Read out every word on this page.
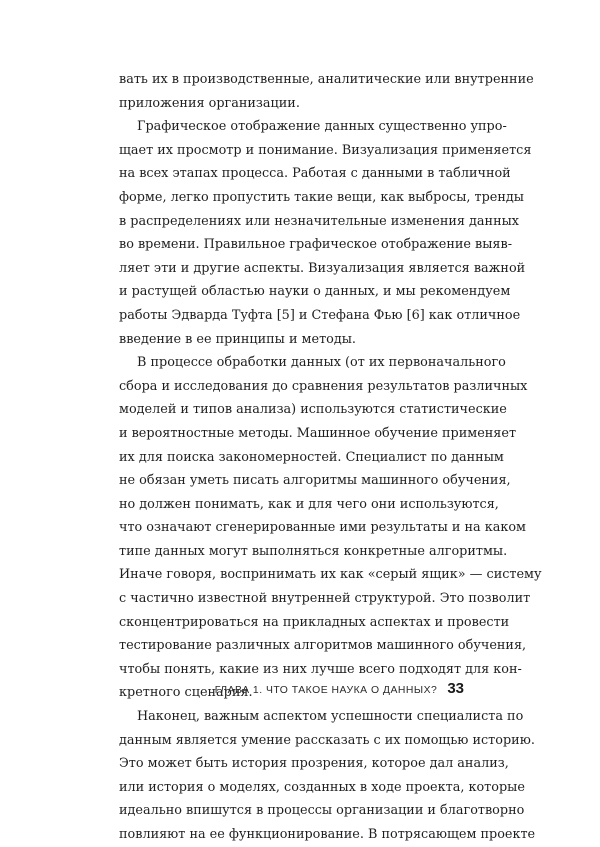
вать их в производственные, аналитические или внутренние
приложения организации.
Графическое отображение данных существенно упро-
щает их просмотр и понимание. Визуализация применяется
на всех этапах процесса. Работая с данными в табличной
форме, легко пропустить такие вещи, как выбросы, тренды
в распределениях или незначительные изменения данных
во времени. Правильное графическое отображение выяв-
ляет эти и другие аспекты. Визуализация является важной
и растущей областью науки о данных, и мы рекомендуем
работы Эдварда Туфта [5] и Стефана Фью [6] как отличное
введение в ее принципы и методы.
В процессе обработки данных (от их первоначального
сбора и исследования до сравнения результатов различных
моделей и типов анализа) используются статистические
и вероятностные методы. Машинное обучение применяет
их для поиска закономерностей. Специалист по данным
не обязан уметь писать алгоритмы машинного обучения,
но должен понимать, как и для чего они используются,
что означают сгенерированные ими результаты и на каком
типе данных могут выполняться конкретные алгоритмы.
Иначе говоря, воспринимать их как «серый ящик» — систему
с частично известной внутренней структурой. Это позволит
сконцентрироваться на прикладных аспектах и провести
тестирование различных алгоритмов машинного обучения,
чтобы понять, какие из них лучше всего подходят для кон-
кретного сценария.
Наконец, важным аспектом успешности специалиста по
данным является умение рассказать с их помощью историю.
Это может быть история прозрения, которое дал анализ,
или история о моделях, созданных в ходе проекта, которые
идеально впишутся в процессы организации и благотворно
повлияют на ее функционирование. В потрясающем проекте
ГЛАВА 1. ЧТО ТАКОЕ НАУКА О ДАННЫХ? 33
